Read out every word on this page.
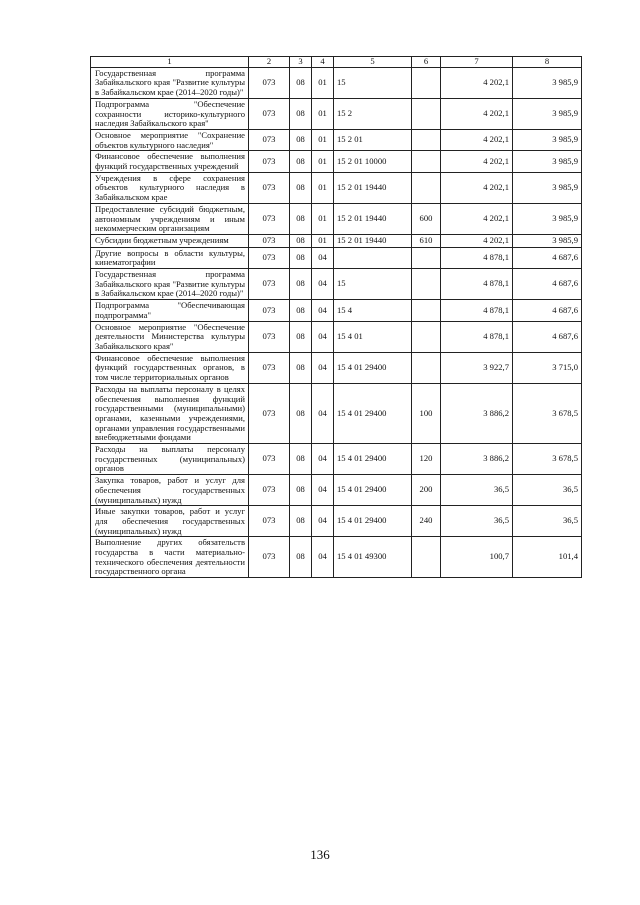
1	2	3	4	5	6	7	8
Государственная программа Забайкальского края "Развитие культуры в Забайкальском крае (2014–2020 годы)"	073	08	01	15		4 202,1	3 985,9
Подпрограмма "Обеспечение сохранности историко-культурного наследия Забайкальского края"	073	08	01	15 2		4 202,1	3 985,9
Основное мероприятие "Сохранение объектов культурного наследия"	073	08	01	15 2 01		4 202,1	3 985,9
Финансовое обеспечение выполнения функций государственных учреждений	073	08	01	15 2 01 10000		4 202,1	3 985,9
Учреждения в сфере сохранения объектов культурного наследия в Забайкальском крае	073	08	01	15 2 01 19440		4 202,1	3 985,9
Предоставление субсидий бюджетным, автономным учреждениям и иным некоммерческим организациям	073	08	01	15 2 01 19440	600	4 202,1	3 985,9
Субсидии бюджетным учреждениям	073	08	01	15 2 01 19440	610	4 202,1	3 985,9
Другие вопросы в области культуры, кинематографии	073	08	04			4 878,1	4 687,6
Государственная программа Забайкальского края "Развитие культуры в Забайкальском крае (2014–2020 годы)"	073	08	04	15		4 878,1	4 687,6
Подпрограмма "Обеспечивающая подпрограмма"	073	08	04	15 4		4 878,1	4 687,6
Основное мероприятие "Обеспечение деятельности Министерства культуры Забайкальского края"	073	08	04	15 4 01		4 878,1	4 687,6
Финансовое обеспечение выполнения функций государственных органов, в том числе территориальных органов	073	08	04	15 4 01 29400		3 922,7	3 715,0
Расходы на выплаты персоналу в целях обеспечения выполнения функций государственными (муниципальными) органами, казенными учреждениями, органами управления государственными внебюджетными фондами	073	08	04	15 4 01 29400	100	3 886,2	3 678,5
Расходы на выплаты персоналу государственных (муниципальных) органов	073	08	04	15 4 01 29400	120	3 886,2	3 678,5
Закупка товаров, работ и услуг для обеспечения государственных (муниципальных) нужд	073	08	04	15 4 01 29400	200	36,5	36,5
Иные закупки товаров, работ и услуг для обеспечения государственных (муниципальных) нужд	073	08	04	15 4 01 29400	240	36,5	36,5
Выполнение других обязательств государства в части материально-технического обеспечения деятельности государственного органа	073	08	04	15 4 01 49300		100,7	101,4
136
